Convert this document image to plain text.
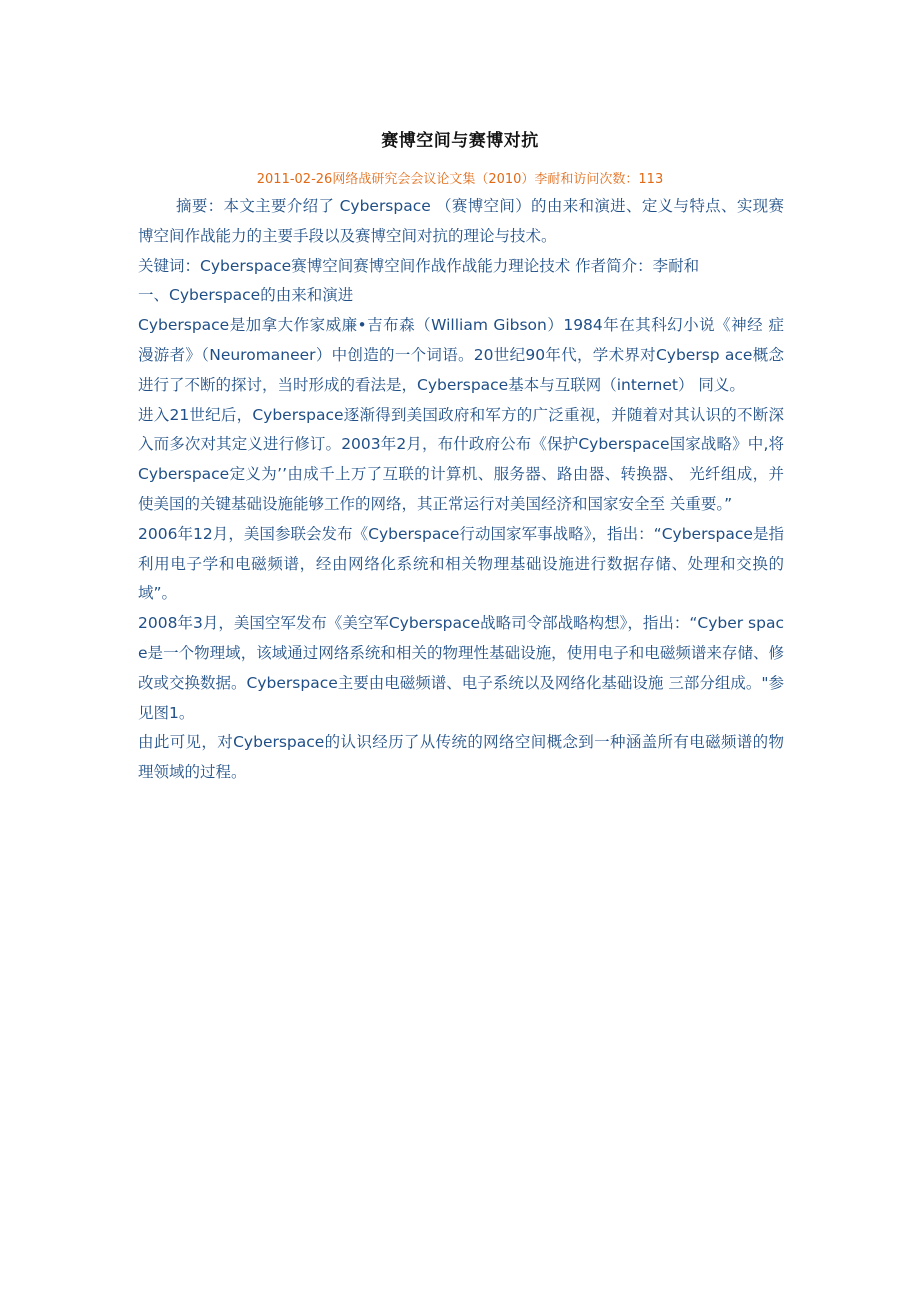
赛博空间与赛博对抗
2011-02-26网络战研究会会议论文集（2010）李耐和访问次数：113

摘要：本文主要介绍了 Cyberspace （赛博空间）的由来和演进、定义与特点、实现赛博空间作战能力的主要手段以及赛博空间对抗的理论与技术。

关键词：Cyberspace赛博空间赛博空间作战作战能力理论技术 作者简介：李耐和

一、Cyberspace的由来和演进

Cyberspace是加拿大作家威廉•吉布森（William Gibson）1984年在其科幻小说《神经 症漫游者》（Neuromaneer）中创造的一个词语。20世纪90年代，学术界对Cybersp ace概念进行了不断的探讨，当时形成的看法是，Cyberspace基本与互联网（internet） 同义。

进入21世纪后，Cyberspace逐渐得到美国政府和军方的广泛重视，并随着对其认识的不断深入而多次对其定义进行修订。2003年2月，布什政府公布《保护Cyberspace国家战略》中,将Cyberspace定义为’’由成千上万了互联的计算机、服务器、路由器、转换器、 光纤组成，并使美国的关键基础设施能够工作的网络，其正常运行对美国经济和国家安全至 关重要。”

2006年12月，美国参联会发布《Cyberspace行动国家军事战略》，指出：“Cyberspace是指利用电子学和电磁频谱，经由网络化系统和相关物理基础设施进行数据存储、处理和交换的域”。

2008年3月，美国空军发布《美空军Cyberspace战略司令部战略构想》，指出：“Cyber space是一个物理域，该域通过网络系统和相关的物理性基础设施，使用电子和电磁频谱来存储、修改或交换数据。Cyberspace主要由电磁频谱、电子系统以及网络化基础设施 三部分组成。"参见图1。

由此可见，对Cyberspace的认识经历了从传统的网络空间概念到一种涵盖所有电磁频谱的物理领域的过程。
